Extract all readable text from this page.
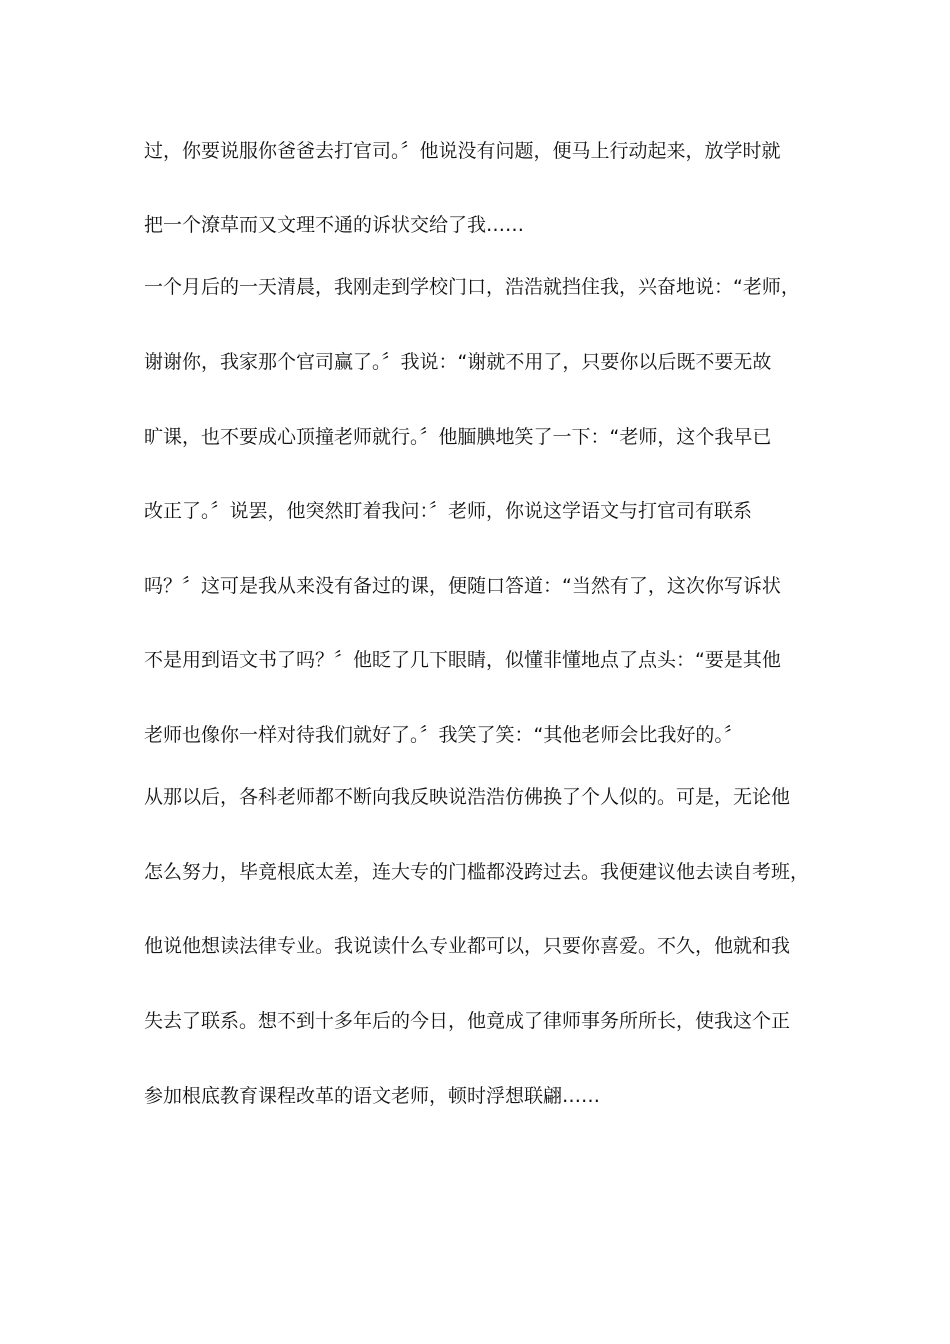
过，你要说服你爸爸去打官司。〞他说没有问题，便马上行动起来，放学时就
把一个潦草而又文理不通的诉状交给了我……
一个月后的一天清晨，我刚走到学校门口，浩浩就挡住我，兴奋地说：“老师，
谢谢你，我家那个官司赢了。〞我说：“谢就不用了，只要你以后既不要无故
旷课，也不要成心顶撞老师就行。〞他腼腆地笑了一下：“老师，这个我早已
改正了。〞说罢，他突然盯着我问：〞老师，你说这学语文与打官司有联系
吗？〞这可是我从来没有备过的课，便随口答道：“当然有了，这次你写诉状
不是用到语文书了吗？〞他眨了几下眼睛，似懂非懂地点了点头：“要是其他
老师也像你一样对待我们就好了。〞我笑了笑：“其他老师会比我好的。〞
从那以后，各科老师都不断向我反映说浩浩仿佛换了个人似的。可是，无论他
怎么努力，毕竟根底太差，连大专的门槛都没跨过去。我便建议他去读自考班，
他说他想读法律专业。我说读什么专业都可以，只要你喜爱。不久，他就和我
失去了联系。想不到十多年后的今日，他竟成了律师事务所所长，使我这个正
参加根底教育课程改革的语文老师，顿时浮想联翩……
